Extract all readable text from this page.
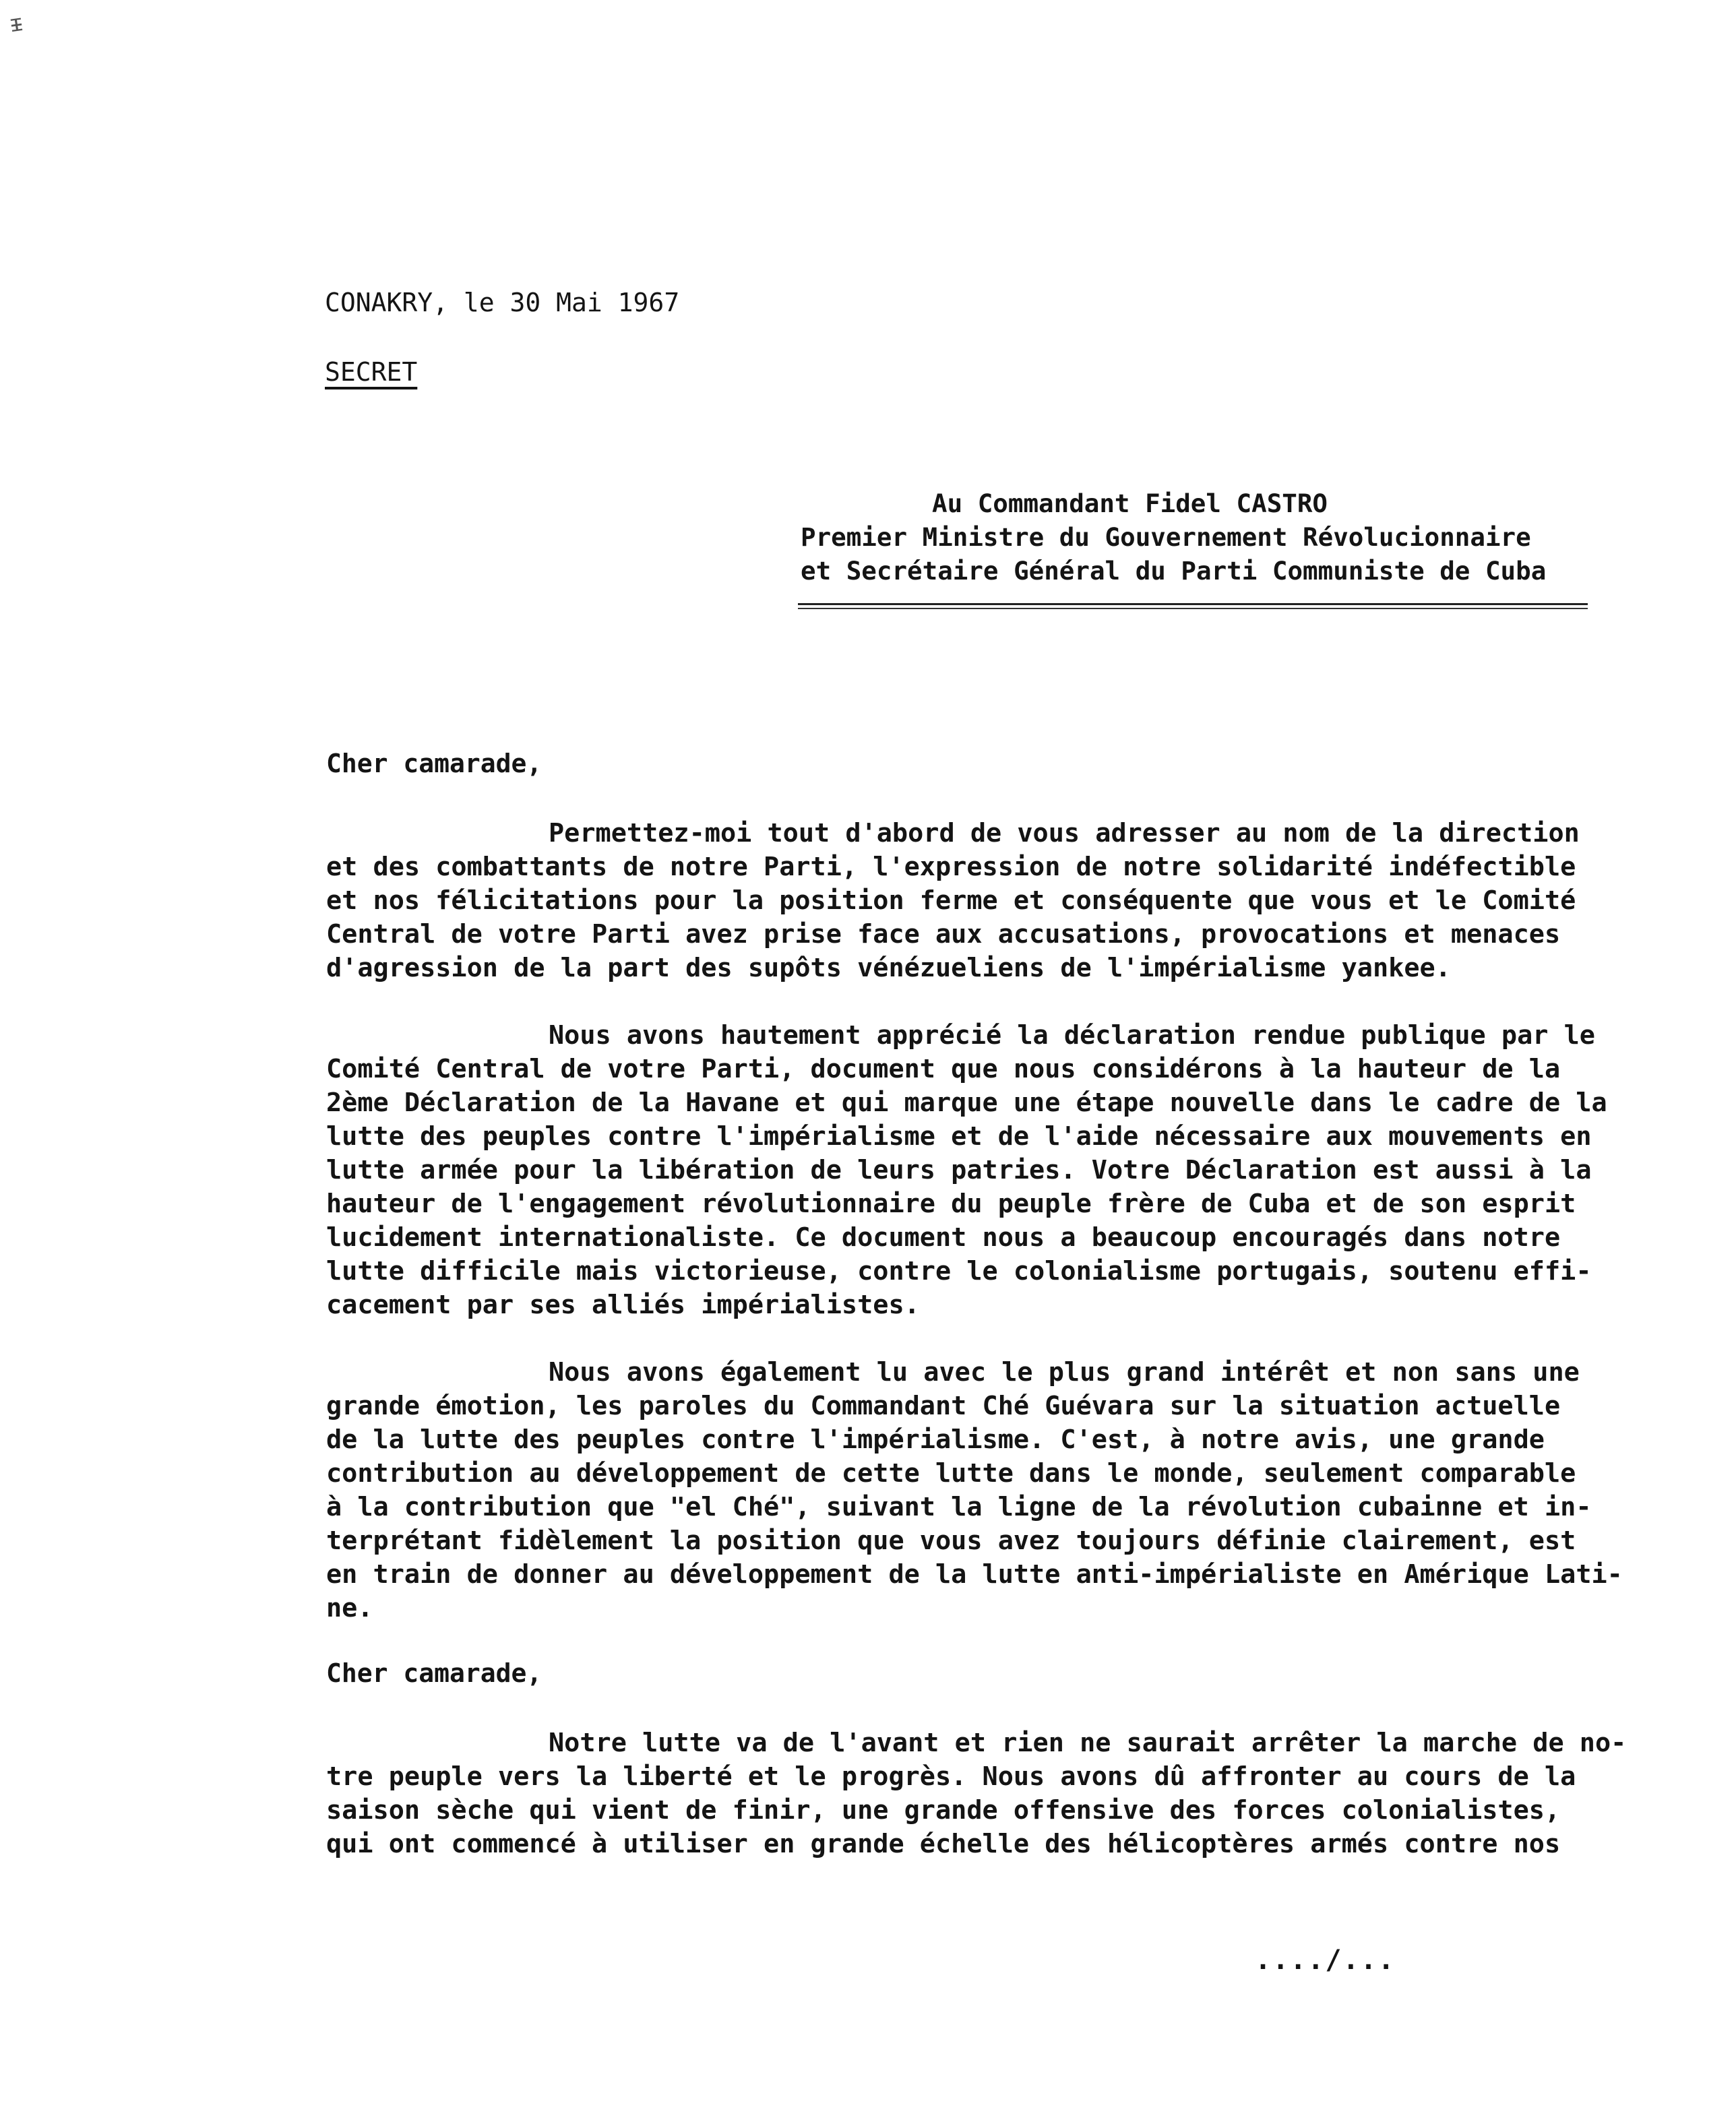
ᵻ
CONAKRY, le 30 Mai 1967
SECRET
Au Commandant Fidel CASTRO
Premier Ministre du Gouvernement Révolucionnaire
et Secrétaire Général du Parti Communiste de Cuba
Cher camarade,
Permettez-moi tout d'abord de vous adresser au nom de la direction
et des combattants de notre Parti, l'expression de notre solidarité indéfectible
et nos félicitations pour la position ferme et conséquente que vous et le Comité
Central de votre Parti avez prise face aux accusations, provocations et menaces
d'agression de la part des supôts vénézueliens de l'impérialisme yankee.
Nous avons hautement apprécié la déclaration rendue publique par le
Comité Central de votre Parti, document que nous considérons à la hauteur de la
2ème Déclaration de la Havane et qui marque une étape nouvelle dans le cadre de la
lutte des peuples contre l'impérialisme et de l'aide nécessaire aux mouvements en
lutte armée pour la libération de leurs patries. Votre Déclaration est aussi à la
hauteur de l'engagement révolutionnaire du peuple frère de Cuba et de son esprit
lucidement internationaliste. Ce document nous a beaucoup encouragés dans notre
lutte difficile mais victorieuse, contre le colonialisme portugais, soutenu effi-
cacement par ses alliés impérialistes.
Nous avons également lu avec le plus grand intérêt et non sans une
grande émotion, les paroles du Commandant Ché Guévara sur la situation actuelle
de la lutte des peuples contre l'impérialisme. C'est, à notre avis, une grande
contribution au développement de cette lutte dans le monde, seulement comparable
à la contribution que "el Ché", suivant la ligne de la révolution cubainne et in-
terprétant fidèlement la position que vous avez toujours définie clairement, est
en train de donner au développement de la lutte anti-impérialiste en Amérique Lati-
ne.
Cher camarade,
Notre lutte va de l'avant et rien ne saurait arrêter la marche de no-
tre peuple vers la liberté et le progrès. Nous avons dû affronter au cours de la
saison sèche qui vient de finir, une grande offensive des forces colonialistes,
qui ont commencé à utiliser en grande échelle des hélicoptères armés contre nos
..../...
